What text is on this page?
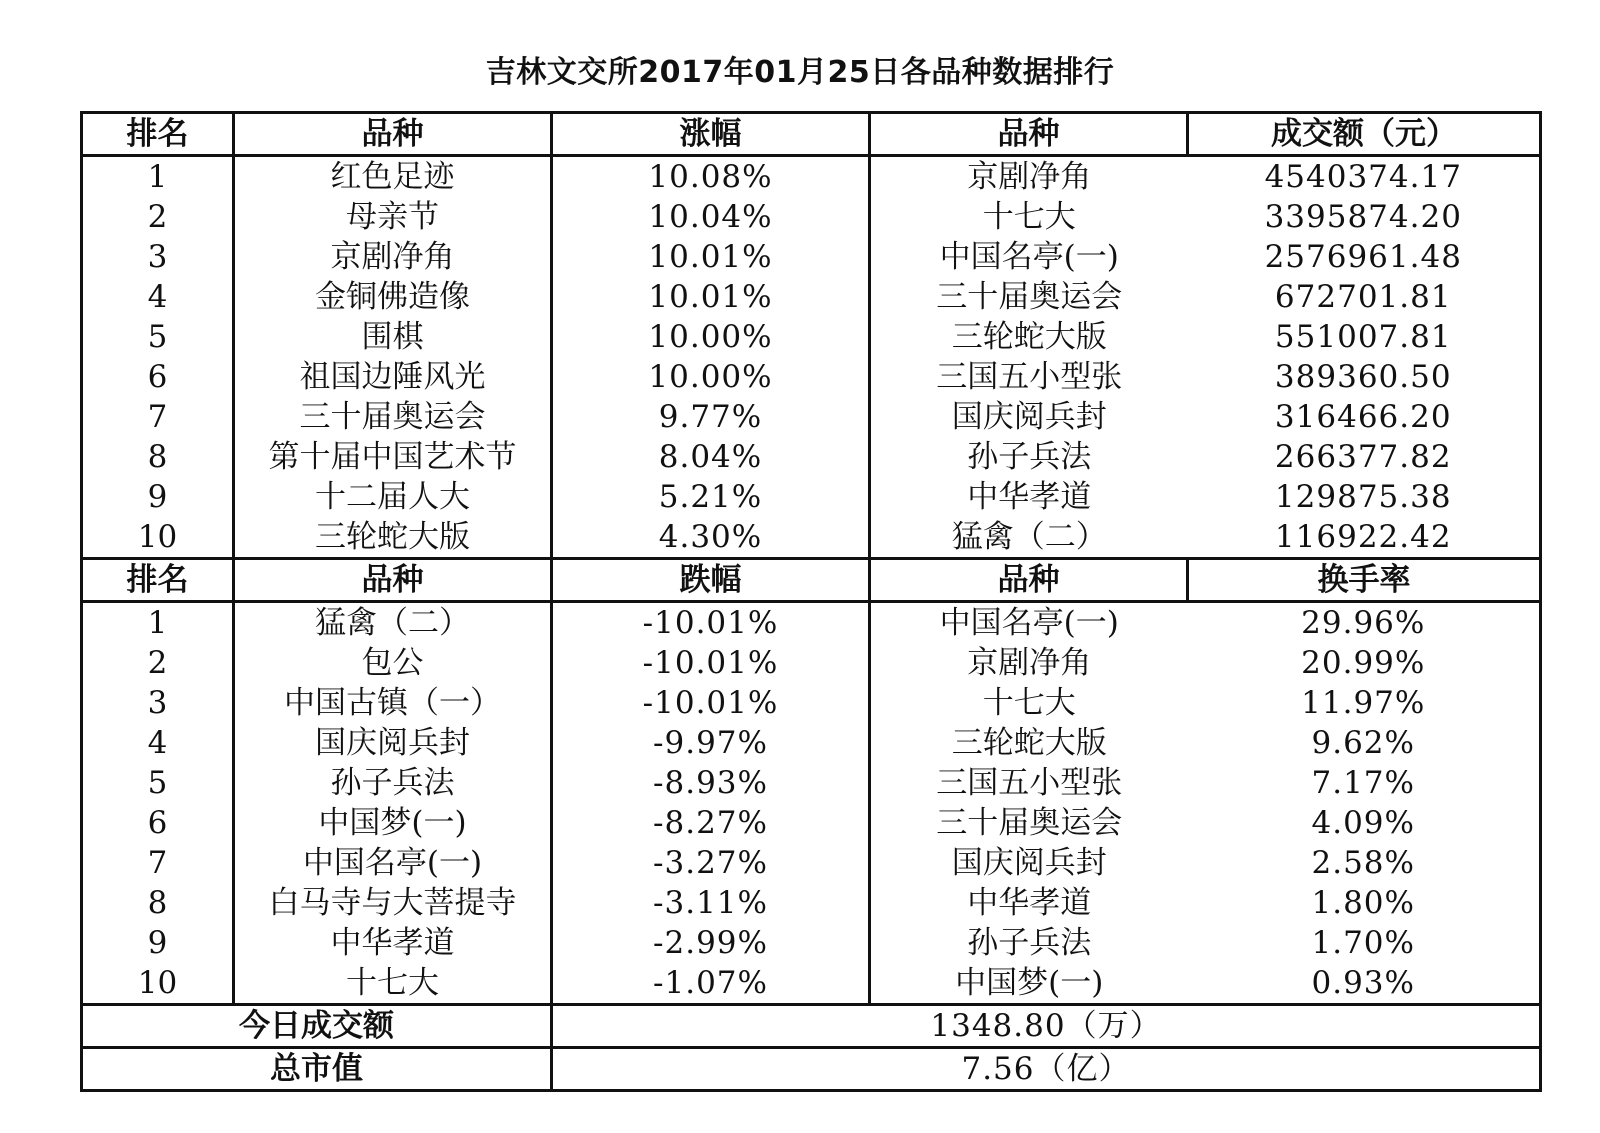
吉林文交所2017年01月25日各品种数据排行
排名	品种	涨幅	品种	成交额（元）
1	红色足迹	10.08%	京剧净角	4540374.17
2	母亲节	10.04%	十七大	3395874.20
3	京剧净角	10.01%	中国名亭(一)	2576961.48
4	金铜佛造像	10.01%	三十届奥运会	672701.81
5	围棋	10.00%	三轮蛇大版	551007.81
6	祖国边陲风光	10.00%	三国五小型张	389360.50
7	三十届奥运会	9.77%	国庆阅兵封	316466.20
8	第十届中国艺术节	8.04%	孙子兵法	266377.82
9	十二届人大	5.21%	中华孝道	129875.38
10	三轮蛇大版	4.30%	猛禽（二）	116922.42
排名	品种	跌幅	品种	换手率
1	猛禽（二）	-10.01%	中国名亭(一)	29.96%
2	包公	-10.01%	京剧净角	20.99%
3	中国古镇（一）	-10.01%	十七大	11.97%
4	国庆阅兵封	-9.97%	三轮蛇大版	9.62%
5	孙子兵法	-8.93%	三国五小型张	7.17%
6	中国梦(一)	-8.27%	三十届奥运会	4.09%
7	中国名亭(一)	-3.27%	国庆阅兵封	2.58%
8	白马寺与大菩提寺	-3.11%	中华孝道	1.80%
9	中华孝道	-2.99%	孙子兵法	1.70%
10	十七大	-1.07%	中国梦(一)	0.93%
今日成交额		1348.80（万）		
总市值		7.56（亿）		
